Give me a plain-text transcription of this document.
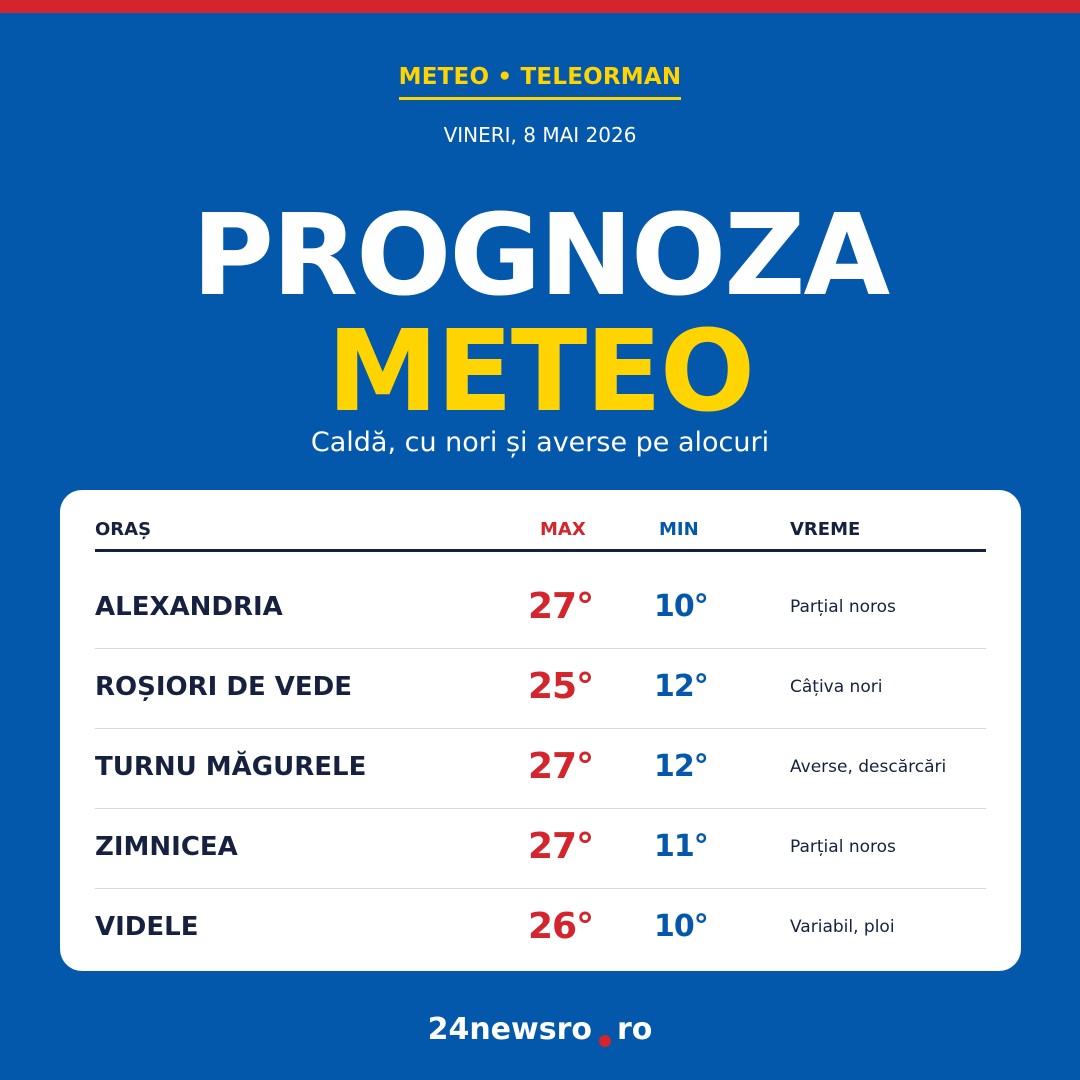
METEO • TELEORMAN
VINERI, 8 MAI 2026
PROGNOZA
METEO
Caldă, cu nori și averse pe alocuri
ORAȘ	MAX	MIN	VREME
ALEXANDRIA	27° 10°	Parțial noros
ROȘIORI DE VEDE	25° 12°	Câțiva nori
TURNU MĂGURELE	27° 12°	Averse, descărcări
ZIMNICEA	27° 11°	Parțial noros
VIDELE	26° 10°	Variabil, ploi
24newsro ro
